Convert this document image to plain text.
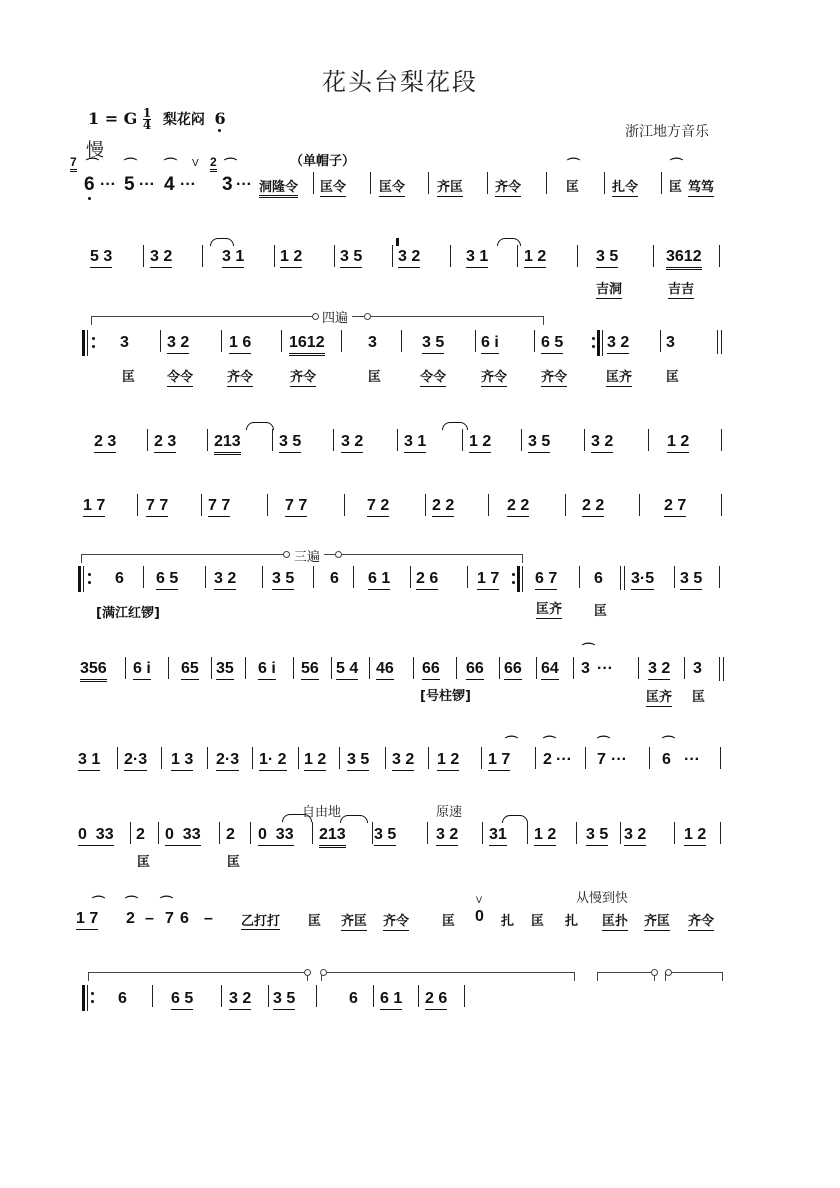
花头台梨花段
浙江地方音乐
1 = G $\frac{1}{4}$ 梨花闷 6
慢
7 ⌒
6 ···
⌒
5 ···
⌒
4 ···
V 2 ⌒
3 ···
（单帽子）
洞隆令 匡令	匡令 齐匡 齐令
⌒
匡	扎令
⌒
匡 笃笃
5 3 3 2	3 1 1 2 3 5 3 2	3 1 1 2	3 5	3612
吉洞	吉吉
四遍
3 3 2 1 6 1612	3	3 5 6 i	6 5	3 2 3
匡 令令	齐令	齐令	匡	令令	齐令	齐令	匡齐	匡
2 3 2 3 213 3 5 3 2	3 1	1 2 3 5	3 2	1 2
1 7	7 7 7 7	7 7	7 2	2 2	2 2	2 2	2 7
三遍
6 6 5 3 2 3 5 6 6 1 2 6 1 7 6 7 6 3·5 3 5
[满江红锣]	匡齐 匡
356 6 i 65 35 6 i 56 5 4 46 66 66 66 64
⌒
3 ··· 3 2 3
[号柱锣]	匡齐 匡
3 1 2·3 1 3 2·3 1· 2 1 2 3 5 3 2 1 2
⌒
1 7
⌒
2 ···
⌒
7 ···
⌒
6 ···
自由地	原速
0  33 2 0  33 2 0  33 213 3 5 3 2 31 1 2 3 5 3 2 1 2
匡	匡
⌒
1 7
⌒
2 – 7
⌒
6 – 乙打打 匡 齐匡 齐令	匡
V
0 扎 匡 扎
从慢到快
匡扑 齐匡 齐令
6	6 5 3 2 3 5	6 6 1 2 6
